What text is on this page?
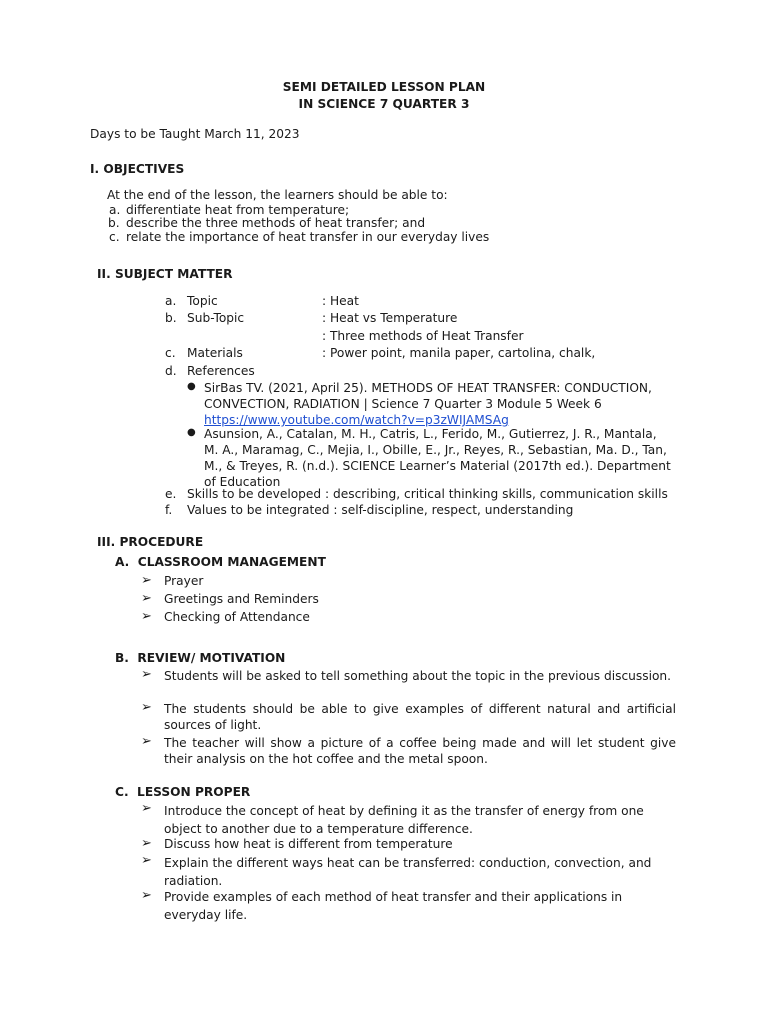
SEMI DETAILED LESSON PLAN
IN SCIENCE 7 QUARTER 3
Days to be Taught March 11, 2023
I. OBJECTIVES
At the end of the lesson, the learners should be able to:
a. differentiate heat from temperature;
b. describe the three methods of heat transfer; and
c. relate the importance of heat transfer in our everyday lives
II. SUBJECT MATTER
a. Topic	: Heat
b. Sub-Topic	: Heat vs Temperature
: Three methods of Heat Transfer
c. Materials	: Power point, manila paper, cartolina, chalk,
d. References
● SirBas TV. (2021, April 25). METHODS OF HEAT TRANSFER: CONDUCTION, CONVECTION, RADIATION | Science 7 Quarter 3 Module 5 Week 6
https://www.youtube.com/watch?v=p3zWIJAMSAg
● Asunsion, A., Catalan, M. H., Catris, L., Ferido, M., Gutierrez, J. R., Mantala, M. A., Maramag, C., Mejia, I., Obille, E., Jr., Reyes, R., Sebastian, Ma. D., Tan, M., & Treyes, R. (n.d.). SCIENCE Learner’s Material (2017th ed.). Department of Education
e. Skills to be developed : describing, critical thinking skills, communication skills
f. Values to be integrated : self-discipline, respect, understanding
III. PROCEDURE
A.  CLASSROOM MANAGEMENT
➢ Prayer
➢ Greetings and Reminders
➢ Checking of Attendance
B.  REVIEW/ MOTIVATION
➢ Students will be asked to tell something about the topic in the previous discussion.
➢ The students should be able to give examples of different natural and artificial sources of light.
➢ The teacher will show a picture of a coffee being made and will let student give their analysis on the hot coffee and the metal spoon.
C.  LESSON PROPER
➢ Introduce the concept of heat by defining it as the transfer of energy from one object to another due to a temperature difference.
➢ Discuss how heat is different from temperature
➢ Explain the different ways heat can be transferred: conduction, convection, and radiation.
➢ Provide examples of each method of heat transfer and their applications in everyday life.
